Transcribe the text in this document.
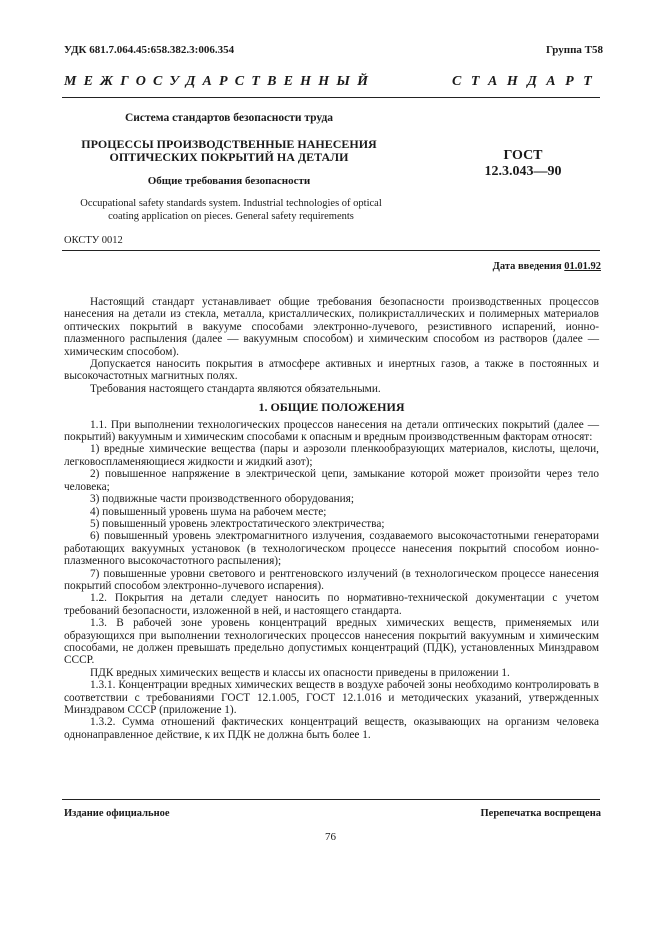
УДК 681.7.064.45:658.382.3:006.354	Группа Т58
МЕЖГОСУДАРСТВЕННЫЙ	СТАНДАРТ
Система стандартов безопасности труда
ПРОЦЕССЫ ПРОИЗВОДСТВЕННЫЕ НАНЕСЕНИЯ
ОПТИЧЕСКИХ ПОКРЫТИЙ НА ДЕТАЛИ
Общие требования безопасности
Occupational safety standards system. Industrial technologies of optical coating application on pieces. General safety requirements
ГОСТ
12.3.043—90
ОКСТУ 0012
Дата введения 01.01.92

Настоящий стандарт устанавливает общие требования безопасности производственных процессов нанесения на детали из стекла, металла, кристаллических, поликристаллических и полимерных материалов оптических покрытий в вакууме способами электронно-лучевого, резистивного испарений, ионно-плазменного распыления (далее — вакуумным способом) и химическим способом из растворов (далее — химическим способом).

Допускается наносить покрытия в атмосфере активных и инертных газов, а также в постоянных и высокочастотных магнитных полях.

Требования настоящего стандарта являются обязательными.

1. ОБЩИЕ ПОЛОЖЕНИЯ

1.1. При выполнении технологических процессов нанесения на детали оптических покрытий (далее — покрытий) вакуумным и химическим способами к опасным и вредным производственным факторам относят:

1) вредные химические вещества (пары и аэрозоли пленкообразующих материалов, кислоты, щелочи, легковоспламеняющиеся жидкости и жидкий азот);

2) повышенное напряжение в электрической цепи, замыкание которой может произойти через тело человека;

3) подвижные части производственного оборудования;

4) повышенный уровень шума на рабочем месте;

5) повышенный уровень электростатического электричества;

6) повышенный уровень электромагнитного излучения, создаваемого высокочастотными генераторами работающих вакуумных установок (в технологическом процессе нанесения покрытий способом ионно-плазменного высокочастотного распыления);

7) повышенные уровни светового и рентгеновского излучений (в технологическом процессе нанесения покрытий способом электронно-лучевого испарения).

1.2. Покрытия на детали следует наносить по нормативно-технической документации с учетом требований безопасности, изложенной в ней, и настоящего стандарта.

1.3. В рабочей зоне уровень концентраций вредных химических веществ, применяемых или образующихся при выполнении технологических процессов нанесения покрытий вакуумным и химическим способами, не должен превышать предельно допустимых концентраций (ПДК), установленных Минздравом СССР.

ПДК вредных химических веществ и классы их опасности приведены в приложении 1.

1.3.1. Концентрации вредных химических веществ в воздухе рабочей зоны необходимо контролировать в соответствии с требованиями ГОСТ 12.1.005, ГОСТ 12.1.016 и методических указаний, утвержденных Минздравом СССР (приложение 1).

1.3.2. Сумма отношений фактических концентраций веществ, оказывающих на организм человека однонаправленное действие, к их ПДК не должна быть более 1.

Издание официальное	Перепечатка воспрещена
76
